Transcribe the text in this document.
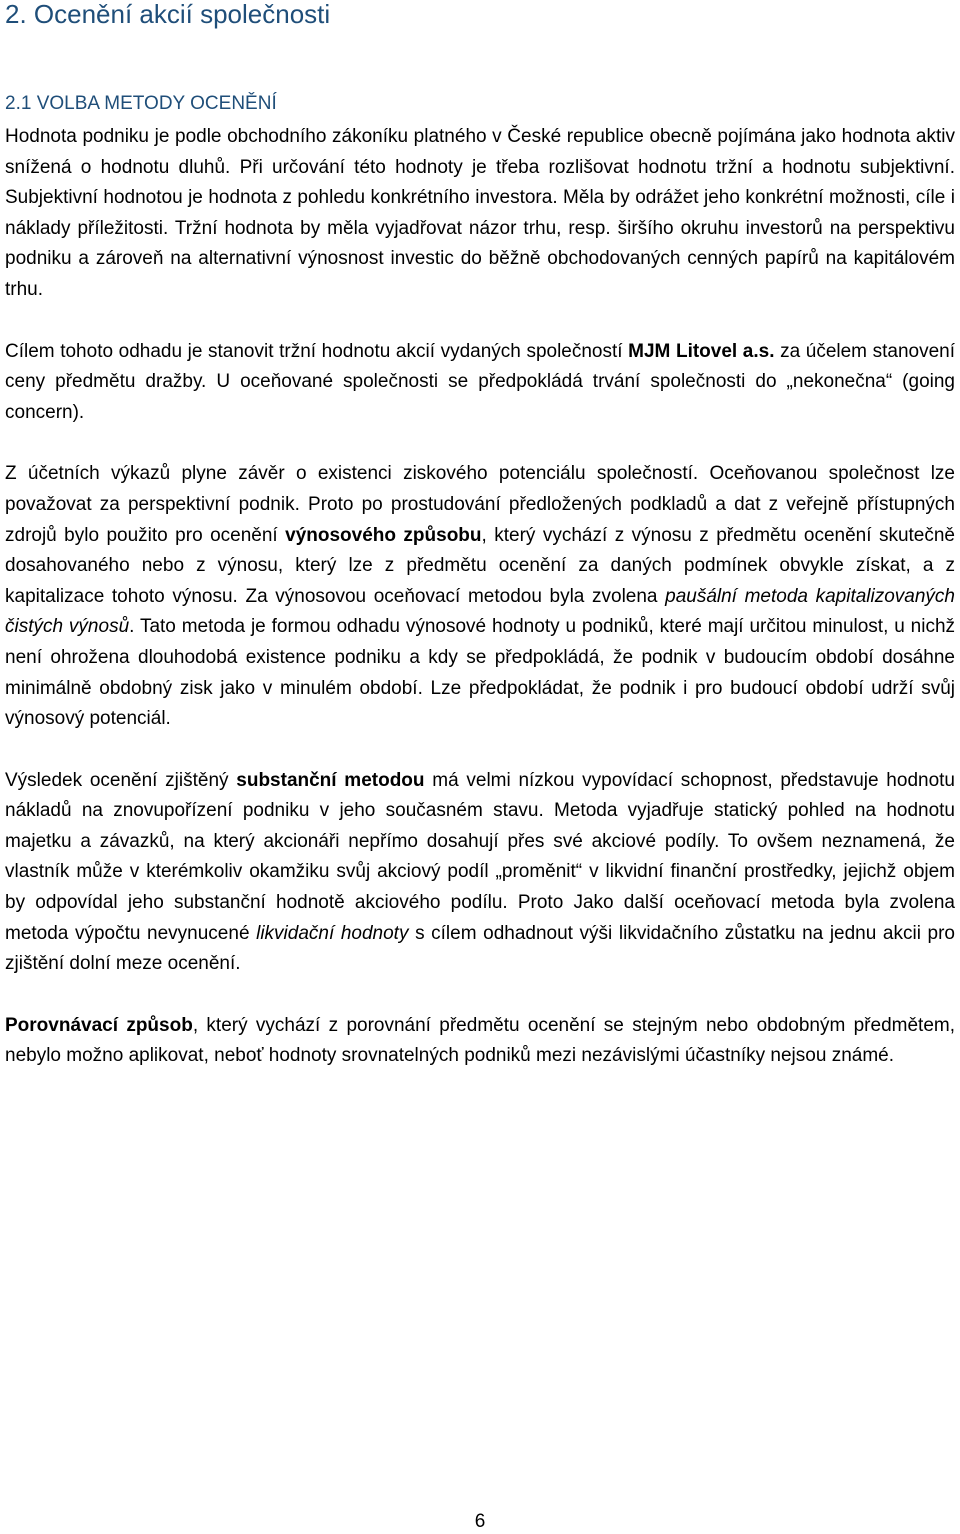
2. Ocenění akcií společnosti
2.1 VOLBA METODY OCENĚNÍ

Hodnota podniku je podle obchodního zákoníku platného v České republice obecně pojímána jako hodnota aktiv snížená o hodnotu dluhů. Při určování této hodnoty je třeba rozlišovat hodnotu tržní a hodnotu subjektivní. Subjektivní hodnotou je hodnota z pohledu konkrétního investora. Měla by odrážet jeho konkrétní možnosti, cíle i náklady příležitosti. Tržní hodnota by měla vyjadřovat názor trhu, resp. širšího okruhu investorů na perspektivu podniku a zároveň na alternativní výnosnost investic do běžně obchodovaných cenných papírů na kapitálovém trhu.

Cílem tohoto odhadu je stanovit tržní hodnotu akcií vydaných společností MJM Litovel a.s. za účelem stanovení ceny předmětu dražby. U oceňované společnosti se předpokládá trvání společnosti do „nekonečna“ (going concern).

Z účetních výkazů plyne závěr o existenci ziskového potenciálu společností. Oceňovanou společnost lze považovat za perspektivní podnik. Proto po prostudování předložených podkladů a dat z veřejně přístupných zdrojů bylo použito pro ocenění výnosového způsobu, který vychází z výnosu z předmětu ocenění skutečně dosahovaného nebo z výnosu, který lze z předmětu ocenění za daných podmínek obvykle získat, a z kapitalizace tohoto výnosu. Za výnosovou oceňovací metodou byla zvolena paušální metoda kapitalizovaných čistých výnosů. Tato metoda je formou odhadu výnosové hodnoty u podniků, které mají určitou minulost, u nichž není ohrožena dlouhodobá existence podniku a kdy se předpokládá, že podnik v budoucím období dosáhne minimálně obdobný zisk jako v minulém období. Lze předpokládat, že podnik i pro budoucí období udrží svůj výnosový potenciál.

Výsledek ocenění zjištěný substanční metodou má velmi nízkou vypovídací schopnost, představuje hodnotu nákladů na znovupořízení podniku v jeho současném stavu. Metoda vyjadřuje statický pohled na hodnotu majetku a závazků, na který akcionáři nepřímo dosahují přes své akciové podíly. To ovšem neznamená, že vlastník může v kterémkoliv okamžiku svůj akciový podíl „proměnit“ v likvidní finanční prostředky, jejichž objem by odpovídal jeho substanční hodnotě akciového podílu. Proto Jako další oceňovací metoda byla zvolena metoda výpočtu nevynucené likvidační hodnoty s cílem odhadnout výši likvidačního zůstatku na jednu akcii pro zjištění dolní meze ocenění.

Porovnávací způsob, který vychází z porovnání předmětu ocenění se stejným nebo obdobným předmětem, nebylo možno aplikovat, neboť hodnoty srovnatelných podniků mezi nezávislými účastníky nejsou známé.

6
